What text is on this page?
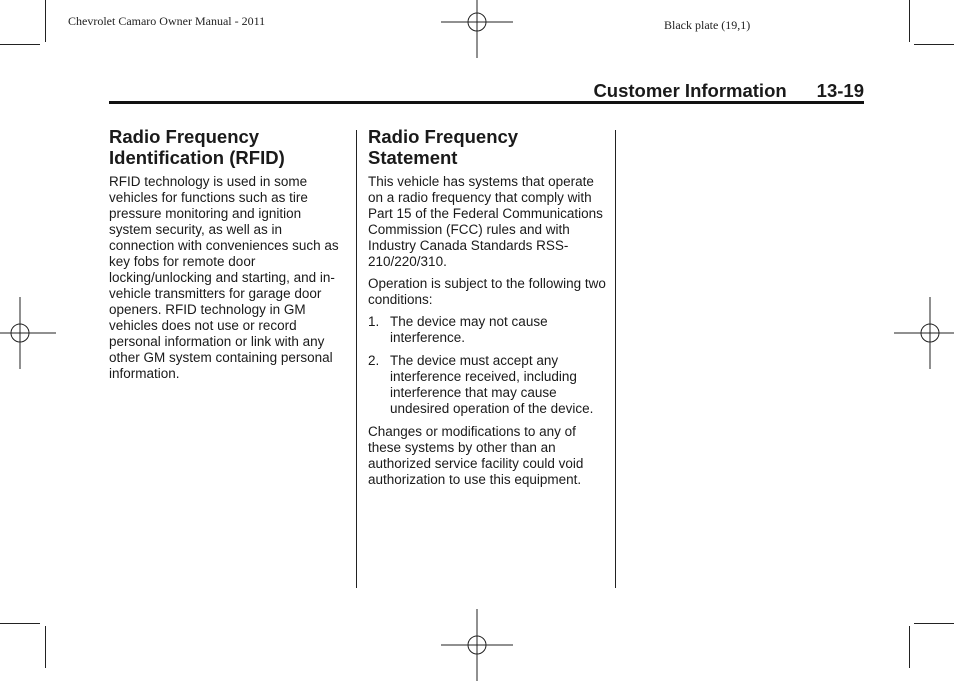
Chevrolet Camaro Owner Manual - 2011	Black plate (19,1)
Customer Information 13-19
Radio Frequency
Identification (RFID)

RFID technology is used in some vehicles for functions such as tire pressure monitoring and ignition system security, as well as in connection with conveniences such as key fobs for remote door locking/unlocking and starting, and in-vehicle transmitters for garage door openers. RFID technology in GM vehicles does not use or record personal information or link with any other GM system containing personal information.

Radio Frequency
Statement

This vehicle has systems that operate on a radio frequency that comply with Part 15 of the Federal Communications Commission (FCC) rules and with Industry Canada Standards RSS-210/220/310.

Operation is subject to the following two conditions:

1. The device may not cause interference.
2. The device must accept any interference received, including interference that may cause undesired operation of the device.

Changes or modifications to any of these systems by other than an authorized service facility could void authorization to use this equipment.
